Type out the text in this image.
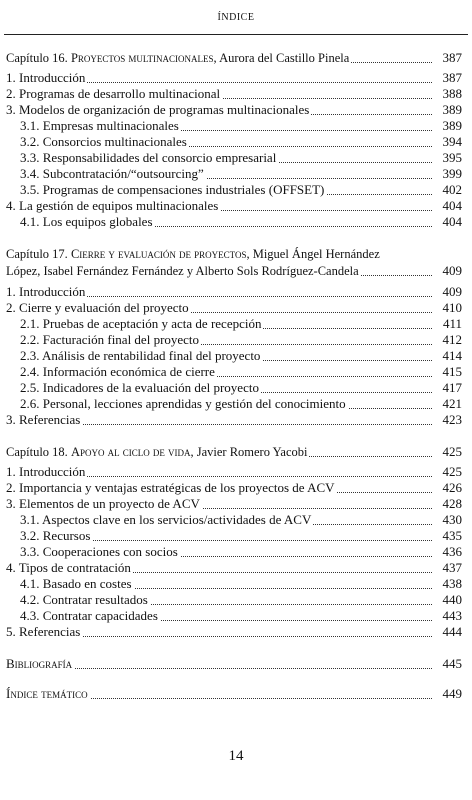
ÍNDICE
Capítulo 16. Proyectos multinacionales, Aurora del Castillo Pinela	387
1. Introducción	387
2. Programas de desarrollo multinacional	388
3. Modelos de organización de programas multinacionales	389
3.1. Empresas multinacionales	389
3.2. Consorcios multinacionales	394
3.3. Responsabilidades del consorcio empresarial	395
3.4. Subcontratación/“outsourcing”	399
3.5. Programas de compensaciones industriales (OFFSET)	402
4. La gestión de equipos multinacionales	404
4.1. Los equipos globales	404
Capítulo 17. Cierre y evaluación de proyectos, Miguel Ángel Hernández
López, Isabel Fernández Fernández y Alberto Sols Rodríguez-Candela	409
1. Introducción	409
2. Cierre y evaluación del proyecto	410
2.1. Pruebas de aceptación y acta de recepción	411
2.2. Facturación final del proyecto	412
2.3. Análisis de rentabilidad final del proyecto	414
2.4. Información económica de cierre	415
2.5. Indicadores de la evaluación del proyecto	417
2.6. Personal, lecciones aprendidas y gestión del conocimiento	421
3. Referencias	423
Capítulo 18. Apoyo al ciclo de vida, Javier Romero Yacobi	425
1. Introducción	425
2. Importancia y ventajas estratégicas de los proyectos de ACV	426
3. Elementos de un proyecto de ACV	428
3.1. Aspectos clave en los servicios/actividades de ACV	430
3.2. Recursos	435
3.3. Cooperaciones con socios	436
4. Tipos de contratación	437
4.1. Basado en costes	438
4.2. Contratar resultados	440
4.3. Contratar capacidades	443
5. Referencias	444
Bibliografía	445
Índice temático	449
14
